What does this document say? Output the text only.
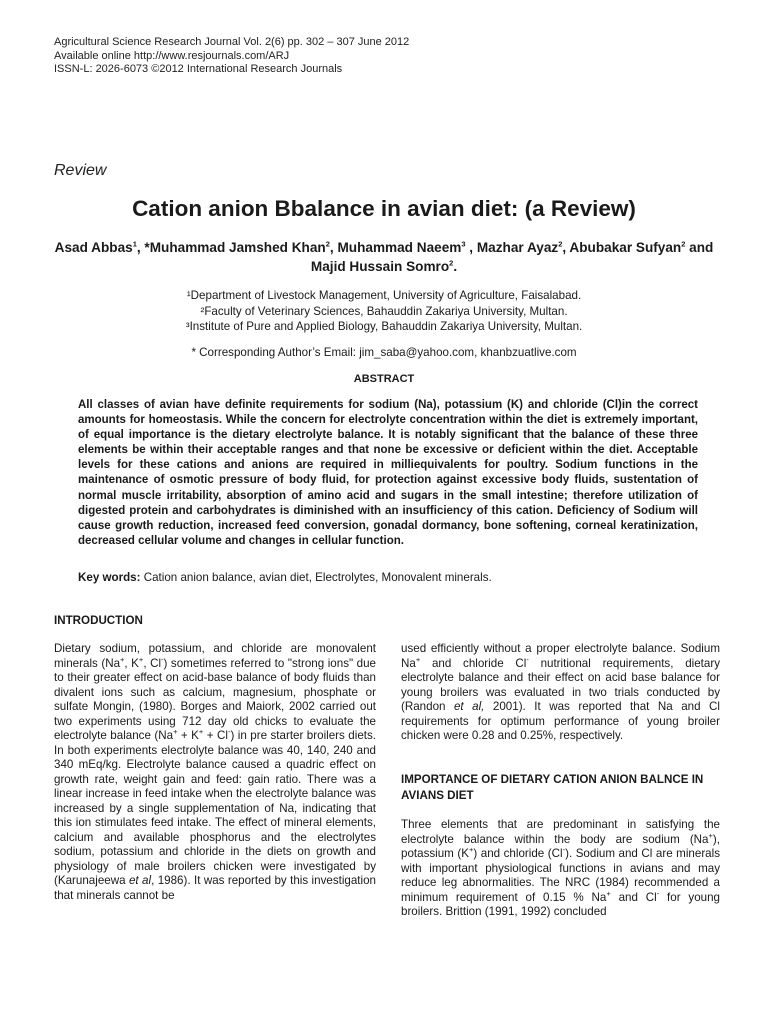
Agricultural Science Research Journal Vol. 2(6) pp. 302 – 307 June 2012
Available online http://www.resjournals.com/ARJ
ISSN-L: 2026-6073 ©2012 International Research Journals
Review
Cation anion Bbalance in avian diet: (a Review)
Asad Abbas$^1$, *Muhammad Jamshed Khan$^2$, Muhammad Naeem$^3$ , Mazhar Ayaz$^2$, Abubakar Sufyan$^2$ and Majid Hussain Somro$^2$.
¹Department of Livestock Management, University of Agriculture, Faisalabad.
²Faculty of Veterinary Sciences, Bahauddin Zakariya University, Multan.
³Institute of Pure and Applied Biology, Bahauddin Zakariya University, Multan.
* Corresponding Author’s Email: jim_saba@yahoo.com, khanbzuatlive.com
ABSTRACT
All classes of avian have definite requirements for sodium (Na), potassium (K) and chloride (Cl)in the correct amounts for homeostasis. While the concern for electrolyte concentration within the diet is extremely important, of equal importance is the dietary electrolyte balance. It is notably significant that the balance of these three elements be within their acceptable ranges and that none be excessive or deficient within the diet. Acceptable levels for these cations and anions are required in milliequivalents for poultry. Sodium functions in the maintenance of osmotic pressure of body fluid, for protection against excessive body fluids, sustentation of normal muscle irritability, absorption of amino acid and sugars in the small intestine; therefore utilization of digested protein and carbohydrates is diminished with an insufficiency of this cation. Deficiency of Sodium will cause growth reduction, increased feed conversion, gonadal dormancy, bone softening, corneal keratinization, decreased cellular volume and changes in cellular function.
Key words: Cation anion balance, avian diet, Electrolytes, Monovalent minerals.
INTRODUCTION
Dietary sodium, potassium, and chloride are monovalent minerals (Na+, K+, Cl-) sometimes referred to "strong ions" due to their greater effect on acid-base balance of body fluids than divalent ions such as calcium, magnesium, phosphate or sulfate Mongin, (1980). Borges and Maiork, 2002 carried out two experiments using 712 day old chicks to evaluate the electrolyte balance (Na+ + K+ + Cl-) in pre starter broilers diets. In both experiments electrolyte balance was 40, 140, 240 and 340 mEq/kg. Electrolyte balance caused a quadric effect on growth rate, weight gain and feed: gain ratio. There was a linear increase in feed intake when the electrolyte balance was increased by a single supplementation of Na, indicating that this ion stimulates feed intake. The effect of mineral elements, calcium and available phosphorus and the electrolytes sodium, potassium and chloride in the diets on growth and physiology of male broilers chicken were investigated by (Karunajeewa et al, 1986). It was reported by this investigation that minerals cannot be
used efficiently without a proper electrolyte balance. Sodium Na+ and chloride Cl- nutritional requirements, dietary electrolyte balance and their effect on acid base balance for young broilers was evaluated in two trials conducted by (Randon et al, 2001). It was reported that Na and Cl requirements for optimum performance of young broiler chicken were 0.28 and 0.25%, respectively.
IMPORTANCE OF DIETARY CATION ANION BALNCE IN AVIANS DIET
Three elements that are predominant in satisfying the electrolyte balance within the body are sodium (Na+), potassium (K+) and chloride (Cl-). Sodium and Cl are minerals with important physiological functions in avians and may reduce leg abnormalities. The NRC (1984) recommended a minimum requirement of 0.15 % Na+ and Cl- for young broilers. Brittion (1991, 1992) concluded
